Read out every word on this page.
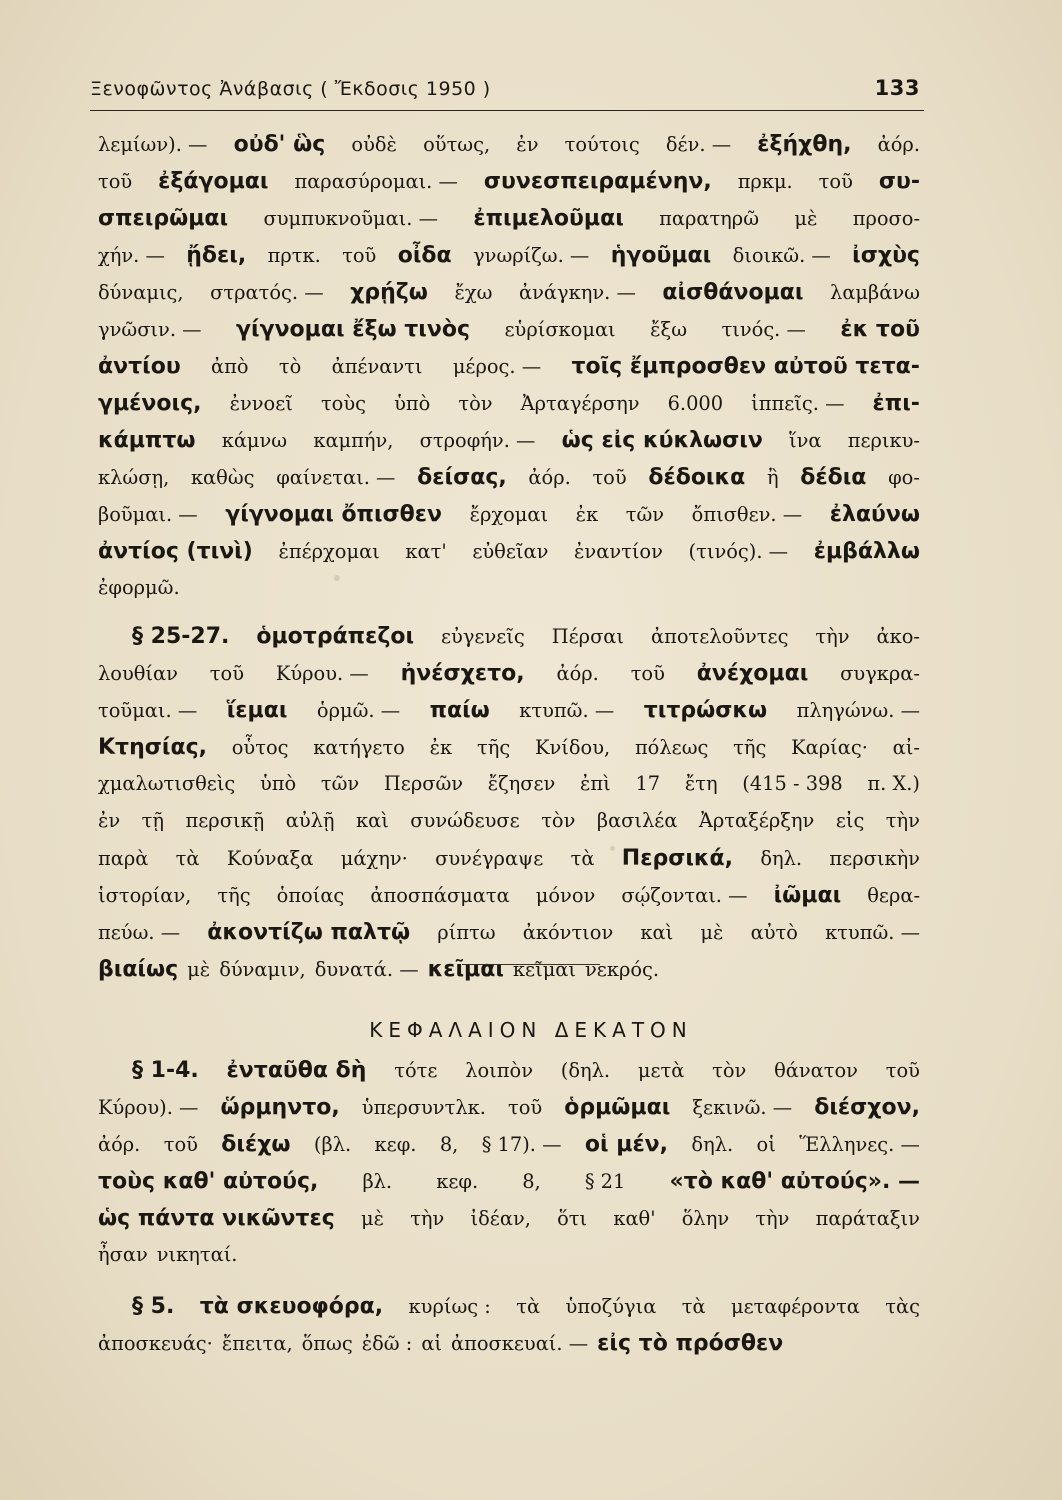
Ξενοφῶντος Ἀνάβασις ( Ἔκδοσις 1950 )	133
λεμίων). — οὐδ' ὣς οὐδὲ οὕτως, ἐν τούτοις δέν. — ἐξήχθη, ἀόρ.
τοῦ ἐξάγομαι παρασύρομαι. — συνεσπειραμένην, πρκμ. τοῦ συ-
σπειρῶμαι συμπυκνοῦμαι. — ἐπιμελοῦμαι παρατηρῶ μὲ προσο-
χήν. — ᾔδει, πρτκ. τοῦ οἶδα γνωρίζω. — ἡγοῦμαι διοικῶ. — ἰσχὺς
δύναμις, στρατός. — χρῄζω ἔχω ἀνάγκην. — αἰσθάνομαι λαμβάνω
γνῶσιν. — γίγνομαι ἔξω τινὸς εὑρίσκομαι ἔξω τινός. — ἐκ τοῦ
ἀντίου ἀπὸ τὸ ἀπέναντι μέρος. — τοῖς ἔμπροσθεν αὐτοῦ τετα-
γμένοις, ἐννοεῖ τοὺς ὑπὸ τὸν Ἀρταγέρσην 6.000 ἱππεῖς. — ἐπι-
κάμπτω κάμνω καμπήν, στροφήν. — ὡς εἰς κύκλωσιν ἵνα περικυ-
κλώσῃ, καθὼς φαίνεται. — δείσας, ἀόρ. τοῦ δέδοικα ἢ δέδια φο-
βοῦμαι. — γίγνομαι ὄπισθεν ἔρχομαι ἐκ τῶν ὄπισθεν. — ἐλαύνω
ἀντίος (τινὶ) ἐπέρχομαι κατ' εὐθεῖαν ἐναντίον (τινός). — ἐμβάλλω
ἐφορμῶ.
§ 25-27. ὁμοτράπεζοι εὐγενεῖς Πέρσαι ἀποτελοῦντες τὴν ἀκο-
λουθίαν τοῦ Κύρου. — ἠνέσχετο, ἀόρ. τοῦ ἀνέχομαι συγκρα-
τοῦμαι. — ἵεμαι ὁρμῶ. — παίω κτυπῶ. — τιτρώσκω πληγώνω. —
Κτησίας, οὗτος κατήγετο ἐκ τῆς Κνίδου, πόλεως τῆς Καρίας· αἰ-
χμαλωτισθεὶς ὑπὸ τῶν Περσῶν ἔζησεν ἐπὶ 17 ἔτη (415 - 398 π. Χ.)
ἐν τῇ περσικῇ αὐλῇ καὶ συνώδευσε τὸν βασιλέα Ἀρταξέρξην εἰς τὴν
παρὰ τὰ Κούναξα μάχην· συνέγραψε τὰ Περσικά, δηλ. περσικὴν
ἱστορίαν, τῆς ὁποίας ἀποσπάσματα μόνον σῴζονται. — ἰῶμαι θερα-
πεύω. — ἀκοντίζω παλτῷ ρίπτω ἀκόντιον καὶ μὲ αὐτὸ κτυπῶ. —
βιαίως μὲ δύναμιν, δυνατά. — κεῖμαι κεῖμαι νεκρός.
§ 1-4. ἐνταῦθα δὴ τότε λοιπὸν (δηλ. μετὰ τὸν θάνατον τοῦ
Κύρου). — ὥρμηντο, ὑπερσυντλκ. τοῦ ὁρμῶμαι ξεκινῶ. — διέσχον,
ἀόρ. τοῦ διέχω (βλ. κεφ. 8, § 17). — οἱ μέν, δηλ. οἱ Ἕλληνες. —
τοὺς καθ' αὐτούς, βλ. κεφ. 8, § 21 «τὸ καθ' αὐτούς». —
ὡς πάντα νικῶντες μὲ τὴν ἰδέαν, ὅτι καθ' ὅλην τὴν παράταξιν
ἦσαν νικηταί.
§ 5. τὰ σκευοφόρα, κυρίως : τὰ ὑποζύγια τὰ μεταφέροντα τὰς
ἀποσκευάς· ἔπειτα, ὅπως ἐδῶ : αἱ ἀποσκευαί. — εἰς τὸ πρόσθεν
ΚΕΦΑΛΑΙΟΝ ΔΕΚΑΤΟΝ
